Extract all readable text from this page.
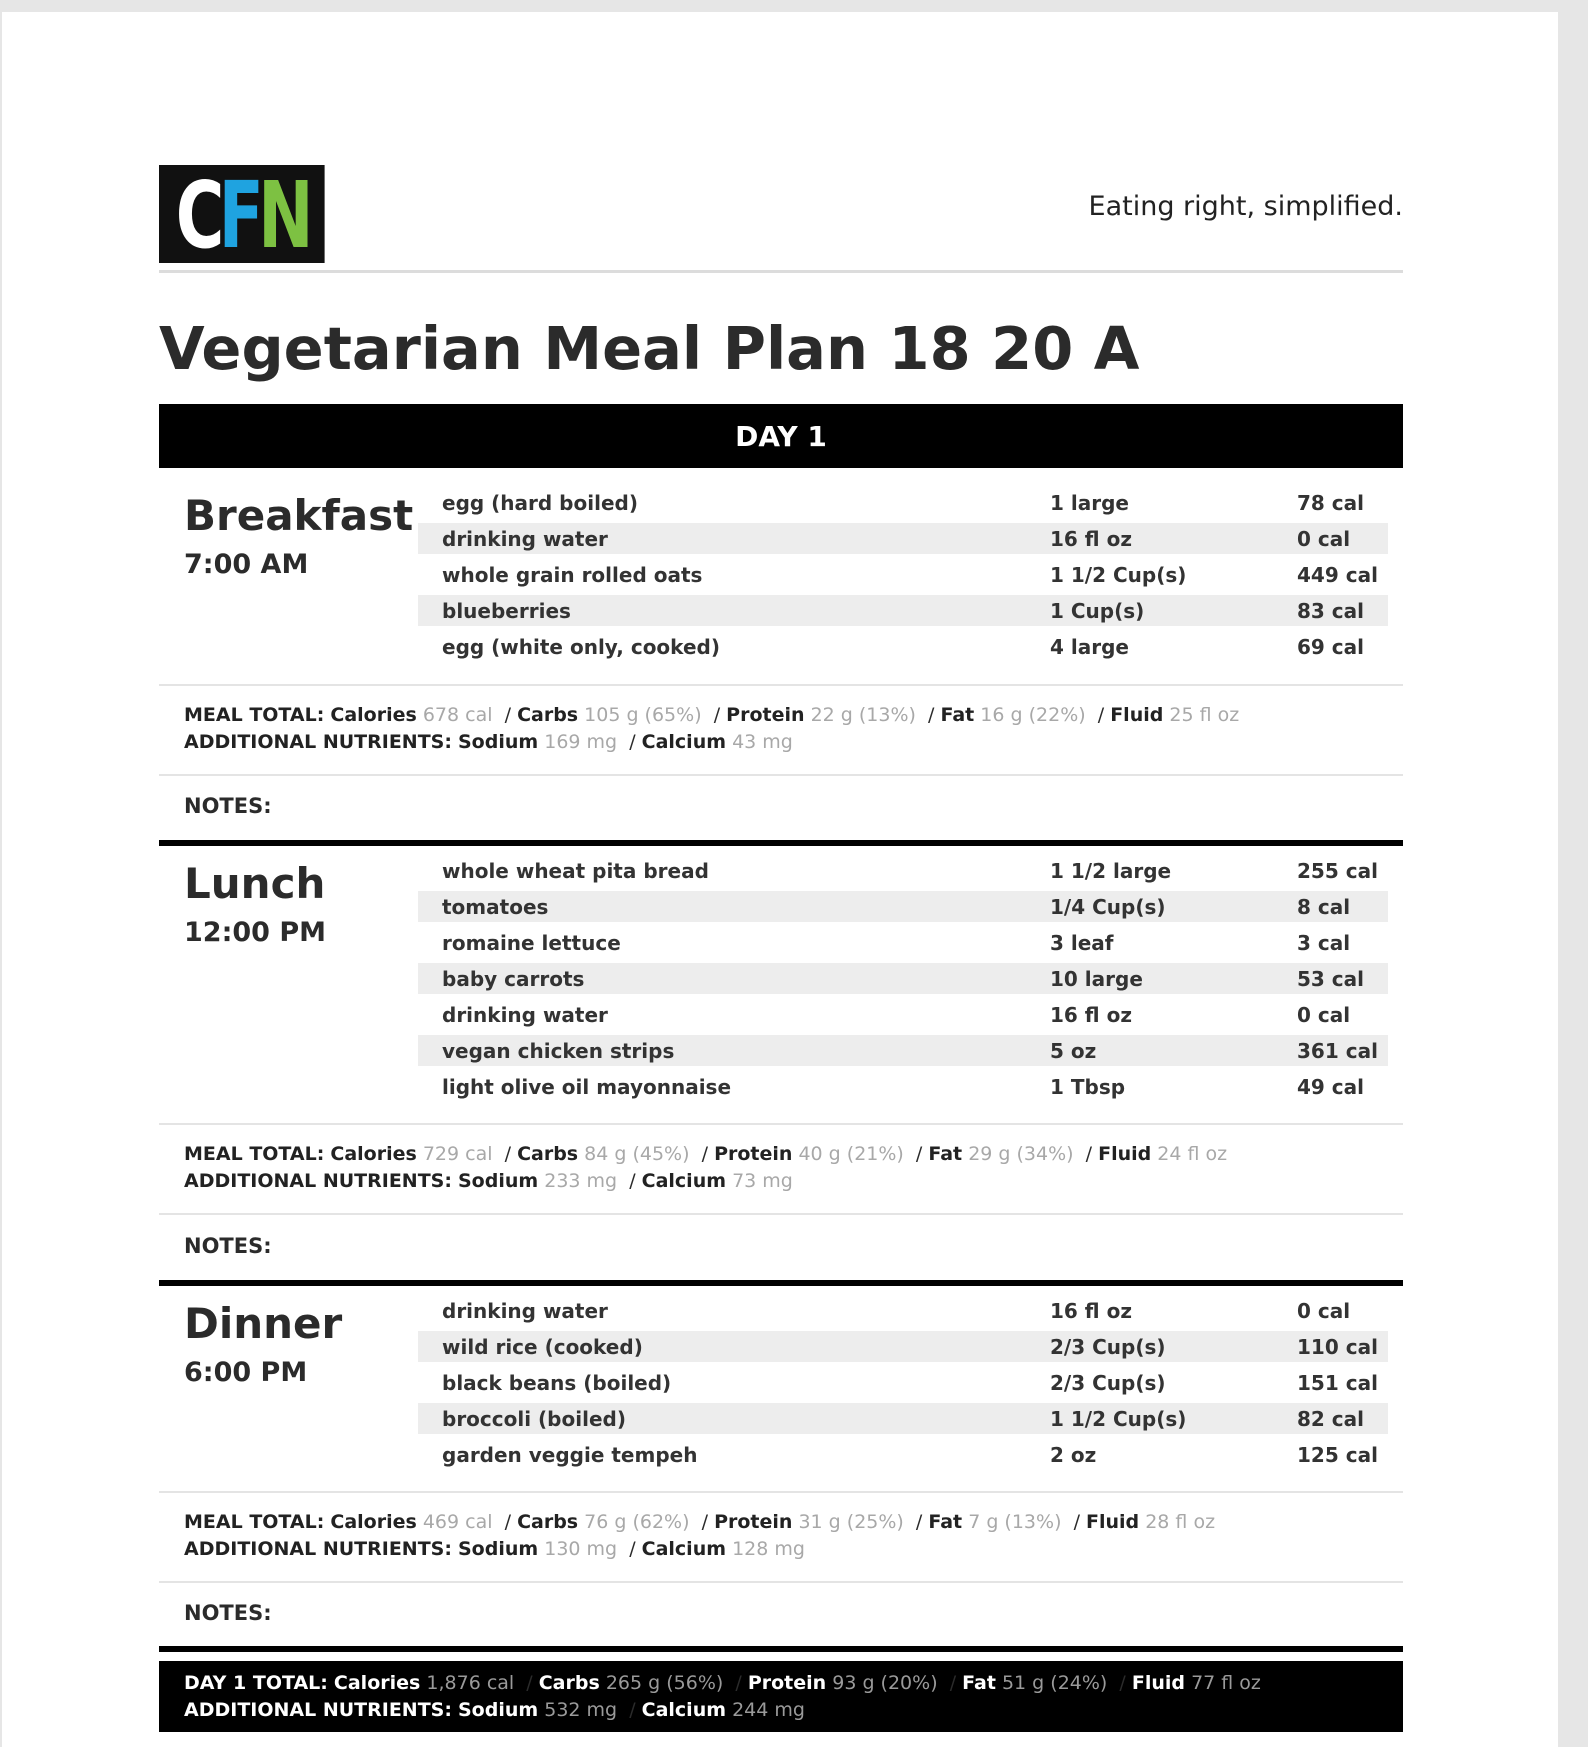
C F N	Eating right, simplified.
Vegetarian Meal Plan 18 20 A
DAY 1
Breakfast
7:00 AM
egg (hard boiled)	1 large	78 cal
drinking water	16 fl oz	0 cal
whole grain rolled oats	1 1/2 Cup(s)	449 cal
blueberries	1 Cup(s)	83 cal
egg (white only, cooked)	4 large	69 cal
MEAL TOTAL: Calories 678 cal  / Carbs 105 g (65%)  / Protein 22 g (13%)  / Fat 16 g (22%)  / Fluid 25 fl oz
ADDITIONAL NUTRIENTS: Sodium 169 mg  / Calcium 43 mg
NOTES:
Lunch
12:00 PM
whole wheat pita bread	1 1/2 large	255 cal
tomatoes	1/4 Cup(s)	8 cal
romaine lettuce	3 leaf	3 cal
baby carrots	10 large	53 cal
drinking water	16 fl oz	0 cal
vegan chicken strips	5 oz	361 cal
light olive oil mayonnaise	1 Tbsp	49 cal
MEAL TOTAL: Calories 729 cal  / Carbs 84 g (45%)  / Protein 40 g (21%)  / Fat 29 g (34%)  / Fluid 24 fl oz
ADDITIONAL NUTRIENTS: Sodium 233 mg  / Calcium 73 mg
NOTES:
Dinner
6:00 PM
drinking water	16 fl oz	0 cal
wild rice (cooked)	2/3 Cup(s)	110 cal
black beans (boiled)	2/3 Cup(s)	151 cal
broccoli (boiled)	1 1/2 Cup(s)	82 cal
garden veggie tempeh	2 oz	125 cal
MEAL TOTAL: Calories 469 cal  / Carbs 76 g (62%)  / Protein 31 g (25%)  / Fat 7 g (13%)  / Fluid 28 fl oz
ADDITIONAL NUTRIENTS: Sodium 130 mg  / Calcium 128 mg
NOTES:
DAY 1 TOTAL: Calories 1,876 cal  / Carbs 265 g (56%)  / Protein 93 g (20%)  / Fat 51 g (24%)  / Fluid 77 fl oz
ADDITIONAL NUTRIENTS: Sodium 532 mg  / Calcium 244 mg
